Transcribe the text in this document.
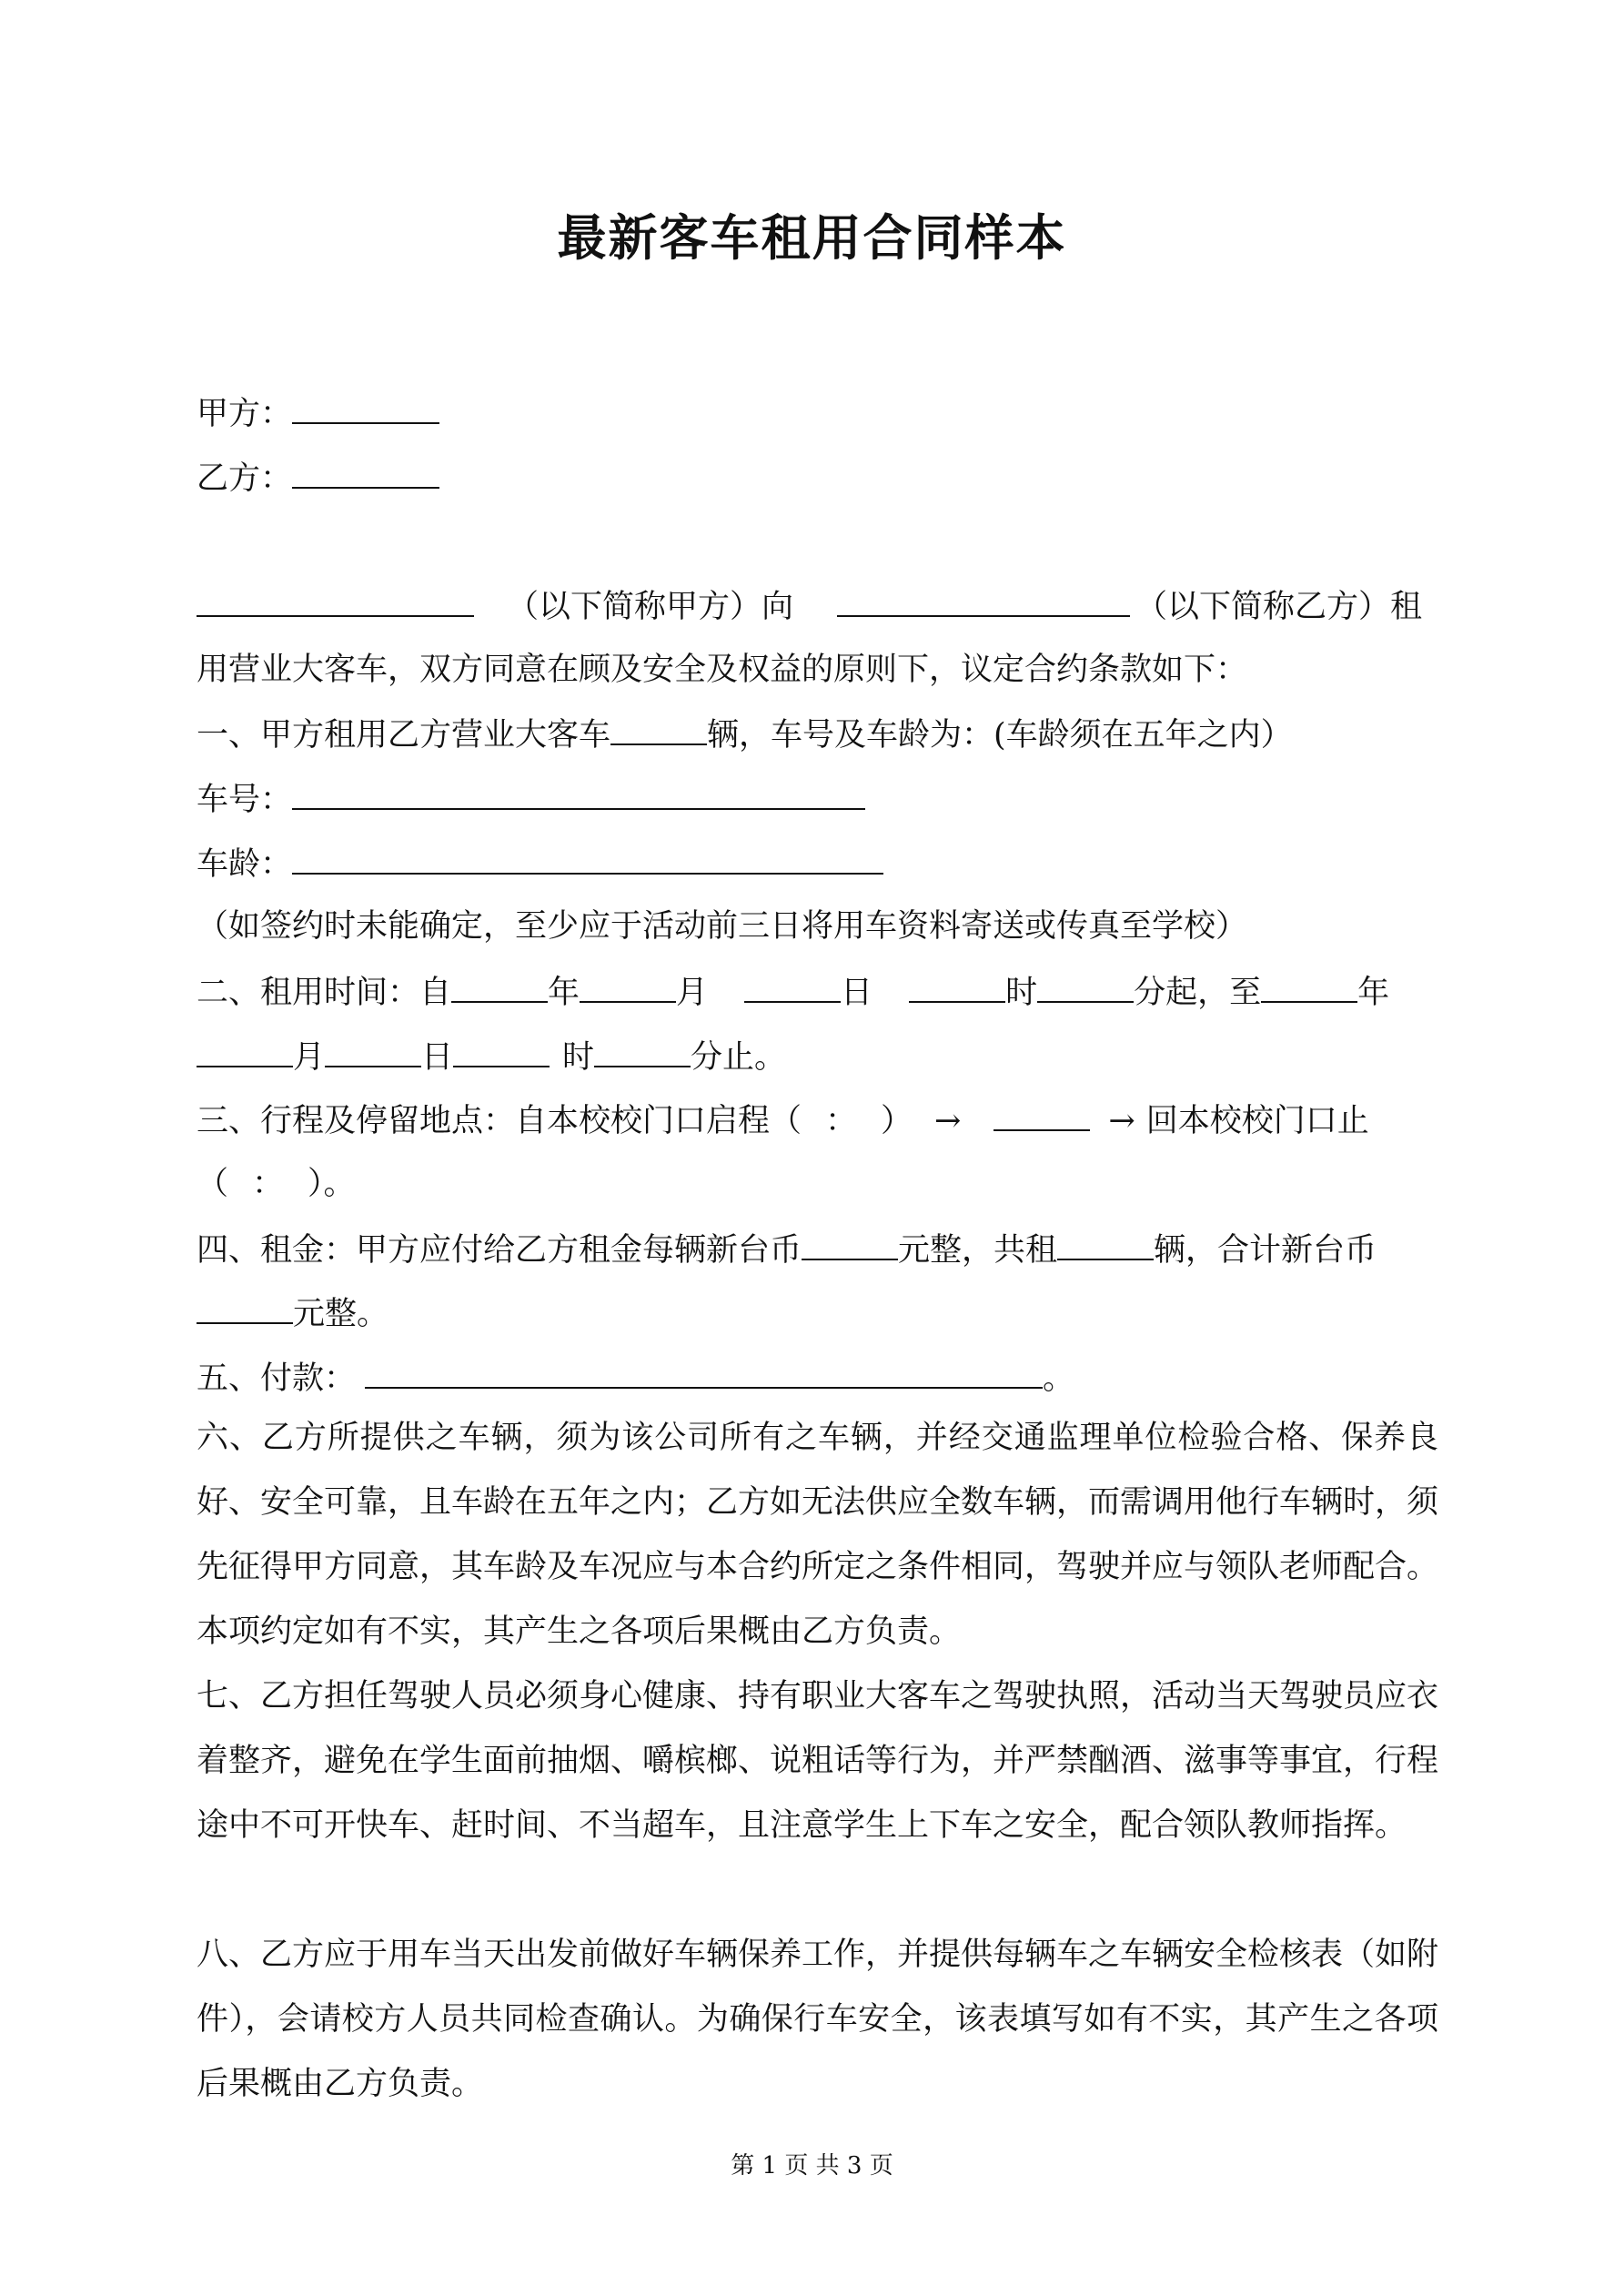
最新客车租用合同样本
甲方：
乙方：
（以下简称甲方）向	（以下简称乙方）租
用营业大客车，双方同意在顾及安全及权益的原则下，议定合约条款如下：
一、甲方租用乙方营业大客车	辆，车号及车龄为：(车龄须在五年之内）
车号：
车龄：
（如签约时未能确定，至少应于活动前三日将用车资料寄送或传真至学校）
二、租用时间：自	年	月	日	时	分起，至	年
月	日	时	分止。
三、行程及停留地点：自本校校门口启程（ ： ） →	→ 回本校校门口止
（ ： ）。
四、租金：甲方应付给乙方租金每辆新台币	元整，共租	辆，合计新台币
元整。
五、付款：	。
六、乙方所提供之车辆，须为该公司所有之车辆，并经交通监理单位检验合格、保养良好、安全可靠，且车龄在五年之内；乙方如无法供应全数车辆，而需调用他行车辆时，须先征得甲方同意，其车龄及车况应与本合约所定之条件相同，驾驶并应与领队老师配合。本项约定如有不实，其产生之各项后果概由乙方负责。
七、乙方担任驾驶人员必须身心健康、持有职业大客车之驾驶执照，活动当天驾驶员应衣着整齐，避免在学生面前抽烟、嚼槟榔、说粗话等行为，并严禁酗酒、滋事等事宜，行程途中不可开快车、赶时间、不当超车，且注意学生上下车之安全，配合领队教师指挥。
八、乙方应于用车当天出发前做好车辆保养工作，并提供每辆车之车辆安全检核表（如附件），会请校方人员共同检查确认。为确保行车安全，该表填写如有不实，其产生之各项后果概由乙方负责。
第 1 页 共 3 页
